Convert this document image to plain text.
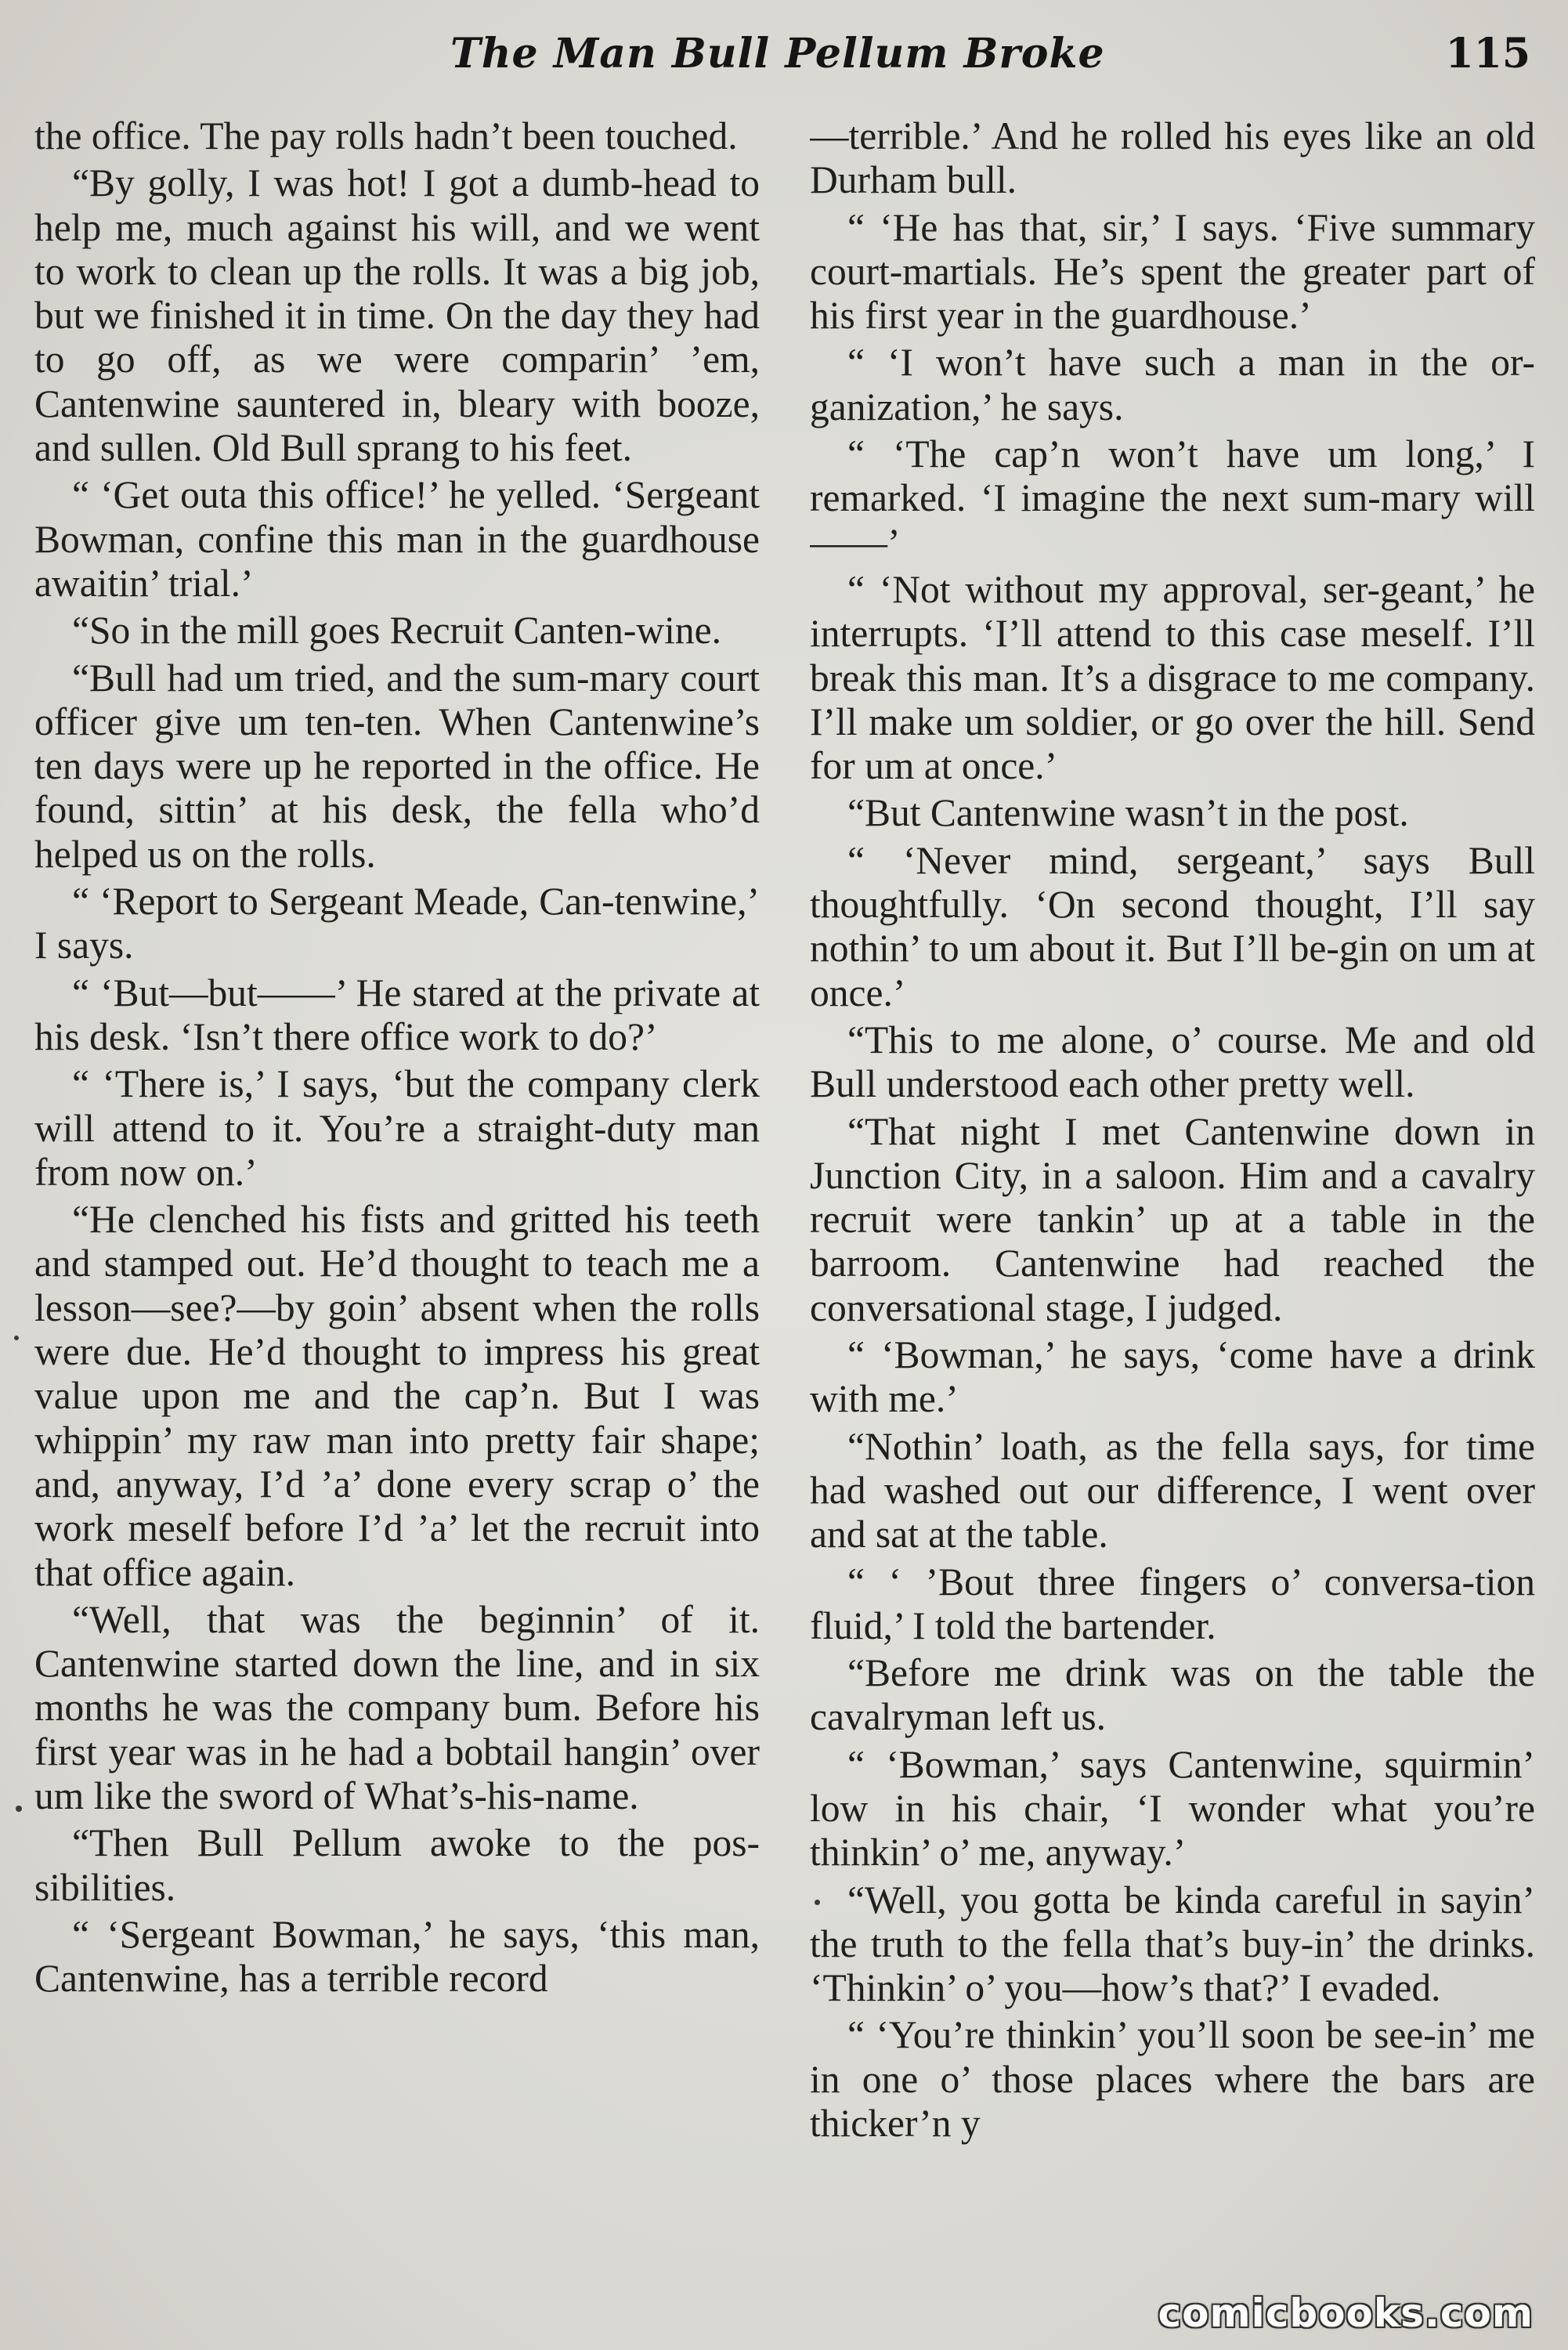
The Man Bull Pellum Broke	115

the office. The pay rolls hadn’t been touched.

“By golly, I was hot! I got a dumb-head to help me, much against his will, and we went to work to clean up the rolls. It was a big job, but we finished it in time. On the day they had to go off, as we were comparin’ ’em, Cantenwine sauntered in, bleary with booze, and sullen. Old Bull sprang to his feet.

“ ‘Get outa this office!’ he yelled. ‘Sergeant Bowman, confine this man in the guardhouse awaitin’ trial.’

“So in the mill goes Recruit Canten-wine.

“Bull had um tried, and the sum-mary court officer give um ten-ten. When Cantenwine’s ten days were up he reported in the office. He found, sittin’ at his desk, the fella who’d helped us on the rolls.

“ ‘Report to Sergeant Meade, Can-tenwine,’ I says.

“ ‘But—but——’ He stared at the private at his desk. ‘Isn’t there office work to do?’

“ ‘There is,’ I says, ‘but the company clerk will attend to it. You’re a straight-duty man from now on.’

“He clenched his fists and gritted his teeth and stamped out. He’d thought to teach me a lesson—see?—by goin’ absent when the rolls were due. He’d thought to impress his great value upon me and the cap’n. But I was whippin’ my raw man into pretty fair shape; and, anyway, I’d ’a’ done every scrap o’ the work meself before I’d ’a’ let the recruit into that office again.

“Well, that was the beginnin’ of it. Cantenwine started down the line, and in six months he was the company bum. Before his first year was in he had a bobtail hangin’ over um like the sword of What’s-his-name.

“Then Bull Pellum awoke to the pos-sibilities.

“ ‘Sergeant Bowman,’ he says, ‘this man, Cantenwine, has a terrible record

—terrible.’ And he rolled his eyes like an old Durham bull.

“ ‘He has that, sir,’ I says. ‘Five summary court-martials. He’s spent the greater part of his first year in the guardhouse.’

“ ‘I won’t have such a man in the or-ganization,’ he says.

“ ‘The cap’n won’t have um long,’ I remarked. ‘I imagine the next sum-mary will——’

“ ‘Not without my approval, ser-geant,’ he interrupts. ‘I’ll attend to this case meself. I’ll break this man. It’s a disgrace to me company. I’ll make um soldier, or go over the hill. Send for um at once.’

“But Cantenwine wasn’t in the post.

“ ‘Never mind, sergeant,’ says Bull thoughtfully. ‘On second thought, I’ll say nothin’ to um about it. But I’ll be-gin on um at once.’

“This to me alone, o’ course. Me and old Bull understood each other pretty well.

“That night I met Cantenwine down in Junction City, in a saloon. Him and a cavalry recruit were tankin’ up at a table in the barroom. Cantenwine had reached the conversational stage, I judged.

“ ‘Bowman,’ he says, ‘come have a drink with me.’

“Nothin’ loath, as the fella says, for time had washed out our difference, I went over and sat at the table.

“ ‘ ’Bout three fingers o’ conversa-tion fluid,’ I told the bartender.

“Before me drink was on the table the cavalryman left us.

“ ‘Bowman,’ says Cantenwine, squirmin’ low in his chair, ‘I wonder what you’re thinkin’ o’ me, anyway.’

“Well, you gotta be kinda careful in sayin’ the truth to the fella that’s buy-in’ the drinks. ‘Thinkin’ o’ you—how’s that?’ I evaded.

“ ‘You’re thinkin’ you’ll soon be see-in’ me in one o’ those places where the bars are thicker’n y

comicbooks.com
